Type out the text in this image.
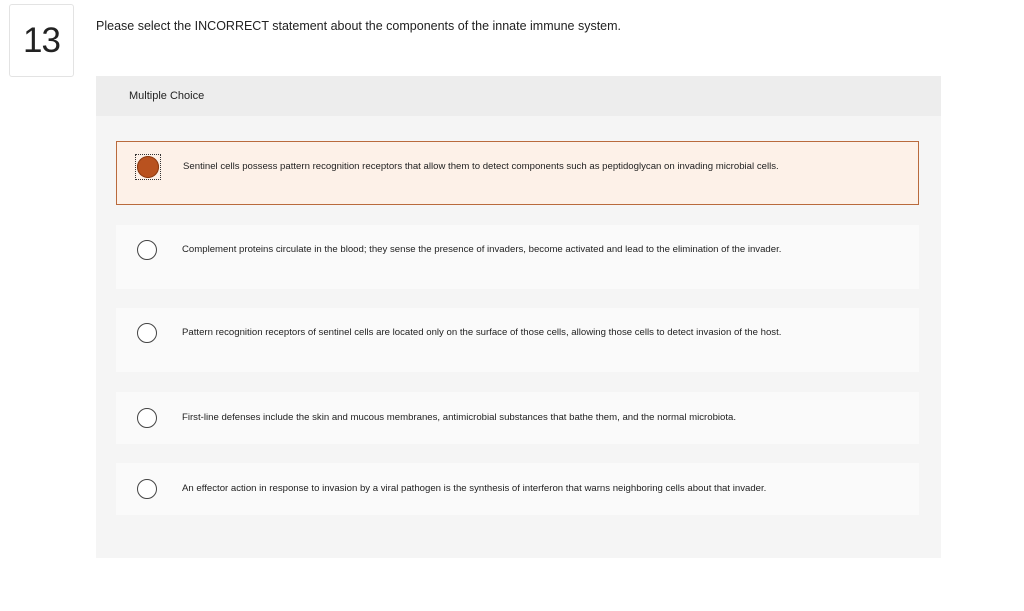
13	Please select the INCORRECT statement about the components of the innate immune system.
Multiple Choice
Sentinel cells possess pattern recognition receptors that allow them to detect components such as peptidoglycan on invading microbial cells.
Complement proteins circulate in the blood; they sense the presence of invaders, become activated and lead to the elimination of the invader.
Pattern recognition receptors of sentinel cells are located only on the surface of those cells, allowing those cells to detect invasion of the host.
First-line defenses include the skin and mucous membranes, antimicrobial substances that bathe them, and the normal microbiota.
An effector action in response to invasion by a viral pathogen is the synthesis of interferon that warns neighboring cells about that invader.
